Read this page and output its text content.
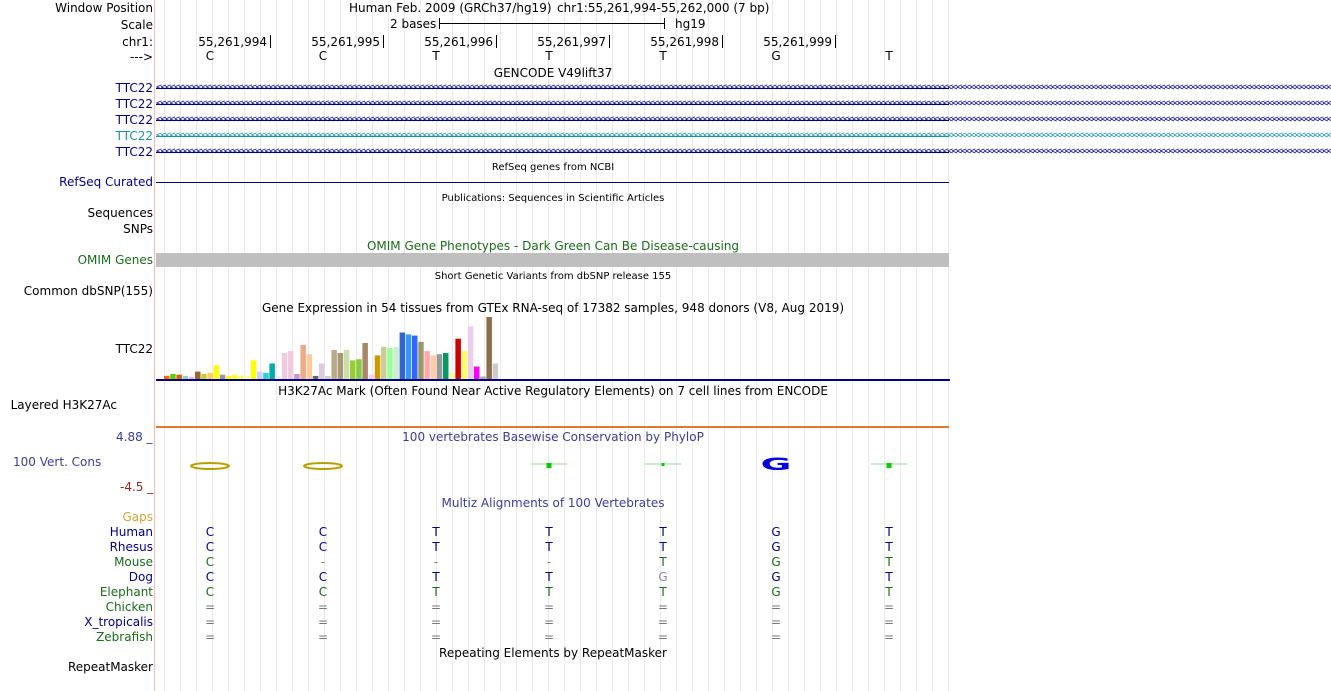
Window Position	Human Feb. 2009 (GRCh37/hg19) chr1:55,261,994-55,262,000 (7 bp)
Scale	2 bases	hg19
chr1:	55,261,994	55,261,995	55,261,996	55,261,997	55,261,998	55,261,999
--->	C	C	T	T	T	G	T
GENCODE V49lift37
TTC22 <<<<<<<<<<<<<<<<<<<<<<<<<<<<<<<<<<<<<<<<<<<<<<<<<<<<<<<<<<<<<<<<<<<<<<<<<<<<<<<<<<<<<<<<<<<<<<<<<<<<<<<<<<<<<<<<<<<<<<<<<<<<<<<<<<<<<<<<<<<<<<<<<<<<<<<<<<<<<<<<<<<<<<<<<<<<<<<<<<<<<<<<<<<<<<<<<<<<<<<<<<<<<<<<<<<<<<<<<<<<<<<<<<<<<<<<<<<<<<<<<<<<<<<<<<<<<<<<<<<<
TTC22 <<<<<<<<<<<<<<<<<<<<<<<<<<<<<<<<<<<<<<<<<<<<<<<<<<<<<<<<<<<<<<<<<<<<<<<<<<<<<<<<<<<<<<<<<<<<<<<<<<<<<<<<<<<<<<<<<<<<<<<<<<<<<<<<<<<<<<<<<<<<<<<<<<<<<<<<<<<<<<<<<<<<<<<<<<<<<<<<<<<<<<<<<<<<<<<<<<<<<<<<<<<<<<<<<<<<<<<<<<<<<<<<<<<<<<<<<<<<<<<<<<<<<<<<<<<<<<<<<<<<
TTC22 <<<<<<<<<<<<<<<<<<<<<<<<<<<<<<<<<<<<<<<<<<<<<<<<<<<<<<<<<<<<<<<<<<<<<<<<<<<<<<<<<<<<<<<<<<<<<<<<<<<<<<<<<<<<<<<<<<<<<<<<<<<<<<<<<<<<<<<<<<<<<<<<<<<<<<<<<<<<<<<<<<<<<<<<<<<<<<<<<<<<<<<<<<<<<<<<<<<<<<<<<<<<<<<<<<<<<<<<<<<<<<<<<<<<<<<<<<<<<<<<<<<<<<<<<<<<<<<<<<<<
TTC22 <<<<<<<<<<<<<<<<<<<<<<<<<<<<<<<<<<<<<<<<<<<<<<<<<<<<<<<<<<<<<<<<<<<<<<<<<<<<<<<<<<<<<<<<<<<<<<<<<<<<<<<<<<<<<<<<<<<<<<<<<<<<<<<<<<<<<<<<<<<<<<<<<<<<<<<<<<<<<<<<<<<<<<<<<<<<<<<<<<<<<<<<<<<<<<<<<<<<<<<<<<<<<<<<<<<<<<<<<<<<<<<<<<<<<<<<<<<<<<<<<<<<<<<<<<<<<<<<<<<<
TTC22 <<<<<<<<<<<<<<<<<<<<<<<<<<<<<<<<<<<<<<<<<<<<<<<<<<<<<<<<<<<<<<<<<<<<<<<<<<<<<<<<<<<<<<<<<<<<<<<<<<<<<<<<<<<<<<<<<<<<<<<<<<<<<<<<<<<<<<<<<<<<<<<<<<<<<<<<<<<<<<<<<<<<<<<<<<<<<<<<<<<<<<<<<<<<<<<<<<<<<<<<<<<<<<<<<<<<<<<<<<<<<<<<<<<<<<<<<<<<<<<<<<<<<<<<<<<<<<<<<<<<
RefSeq genes from NCBI
RefSeq Curated
Publications: Sequences in Scientific Articles
Sequences
SNPs
OMIM Gene Phenotypes - Dark Green Can Be Disease-causing
OMIM Genes
Short Genetic Variants from dbSNP release 155
Common dbSNP(155)
Gene Expression in 54 tissues from GTEx RNA-seq of 17382 samples, 948 donors (V8, Aug 2019)
TTC22
H3K27Ac Mark (Often Found Near Active Regulatory Elements) on 7 cell lines from ENCODE
Layered H3K27Ac
4.88 _	100 vertebrates Basewise Conservation by PhyloP
100 Vert. Cons
-4.5 _
G
Multiz Alignments of 100 Vertebrates
Gaps
Human	C	C	T	T	T	G	T
Rhesus	C	C	T	T	T	G	T
Mouse	C	-	-	-	T	G	T
Dog	C	C	T	T	G	G	T
Elephant	C	C	T	T	T	G	T
Chicken	=	=	=	=	=	=	=
X_tropicalis	=	=	=	=	=	=	=
Zebrafish	=	=	=	=	=	=	=
Repeating Elements by RepeatMasker
RepeatMasker
